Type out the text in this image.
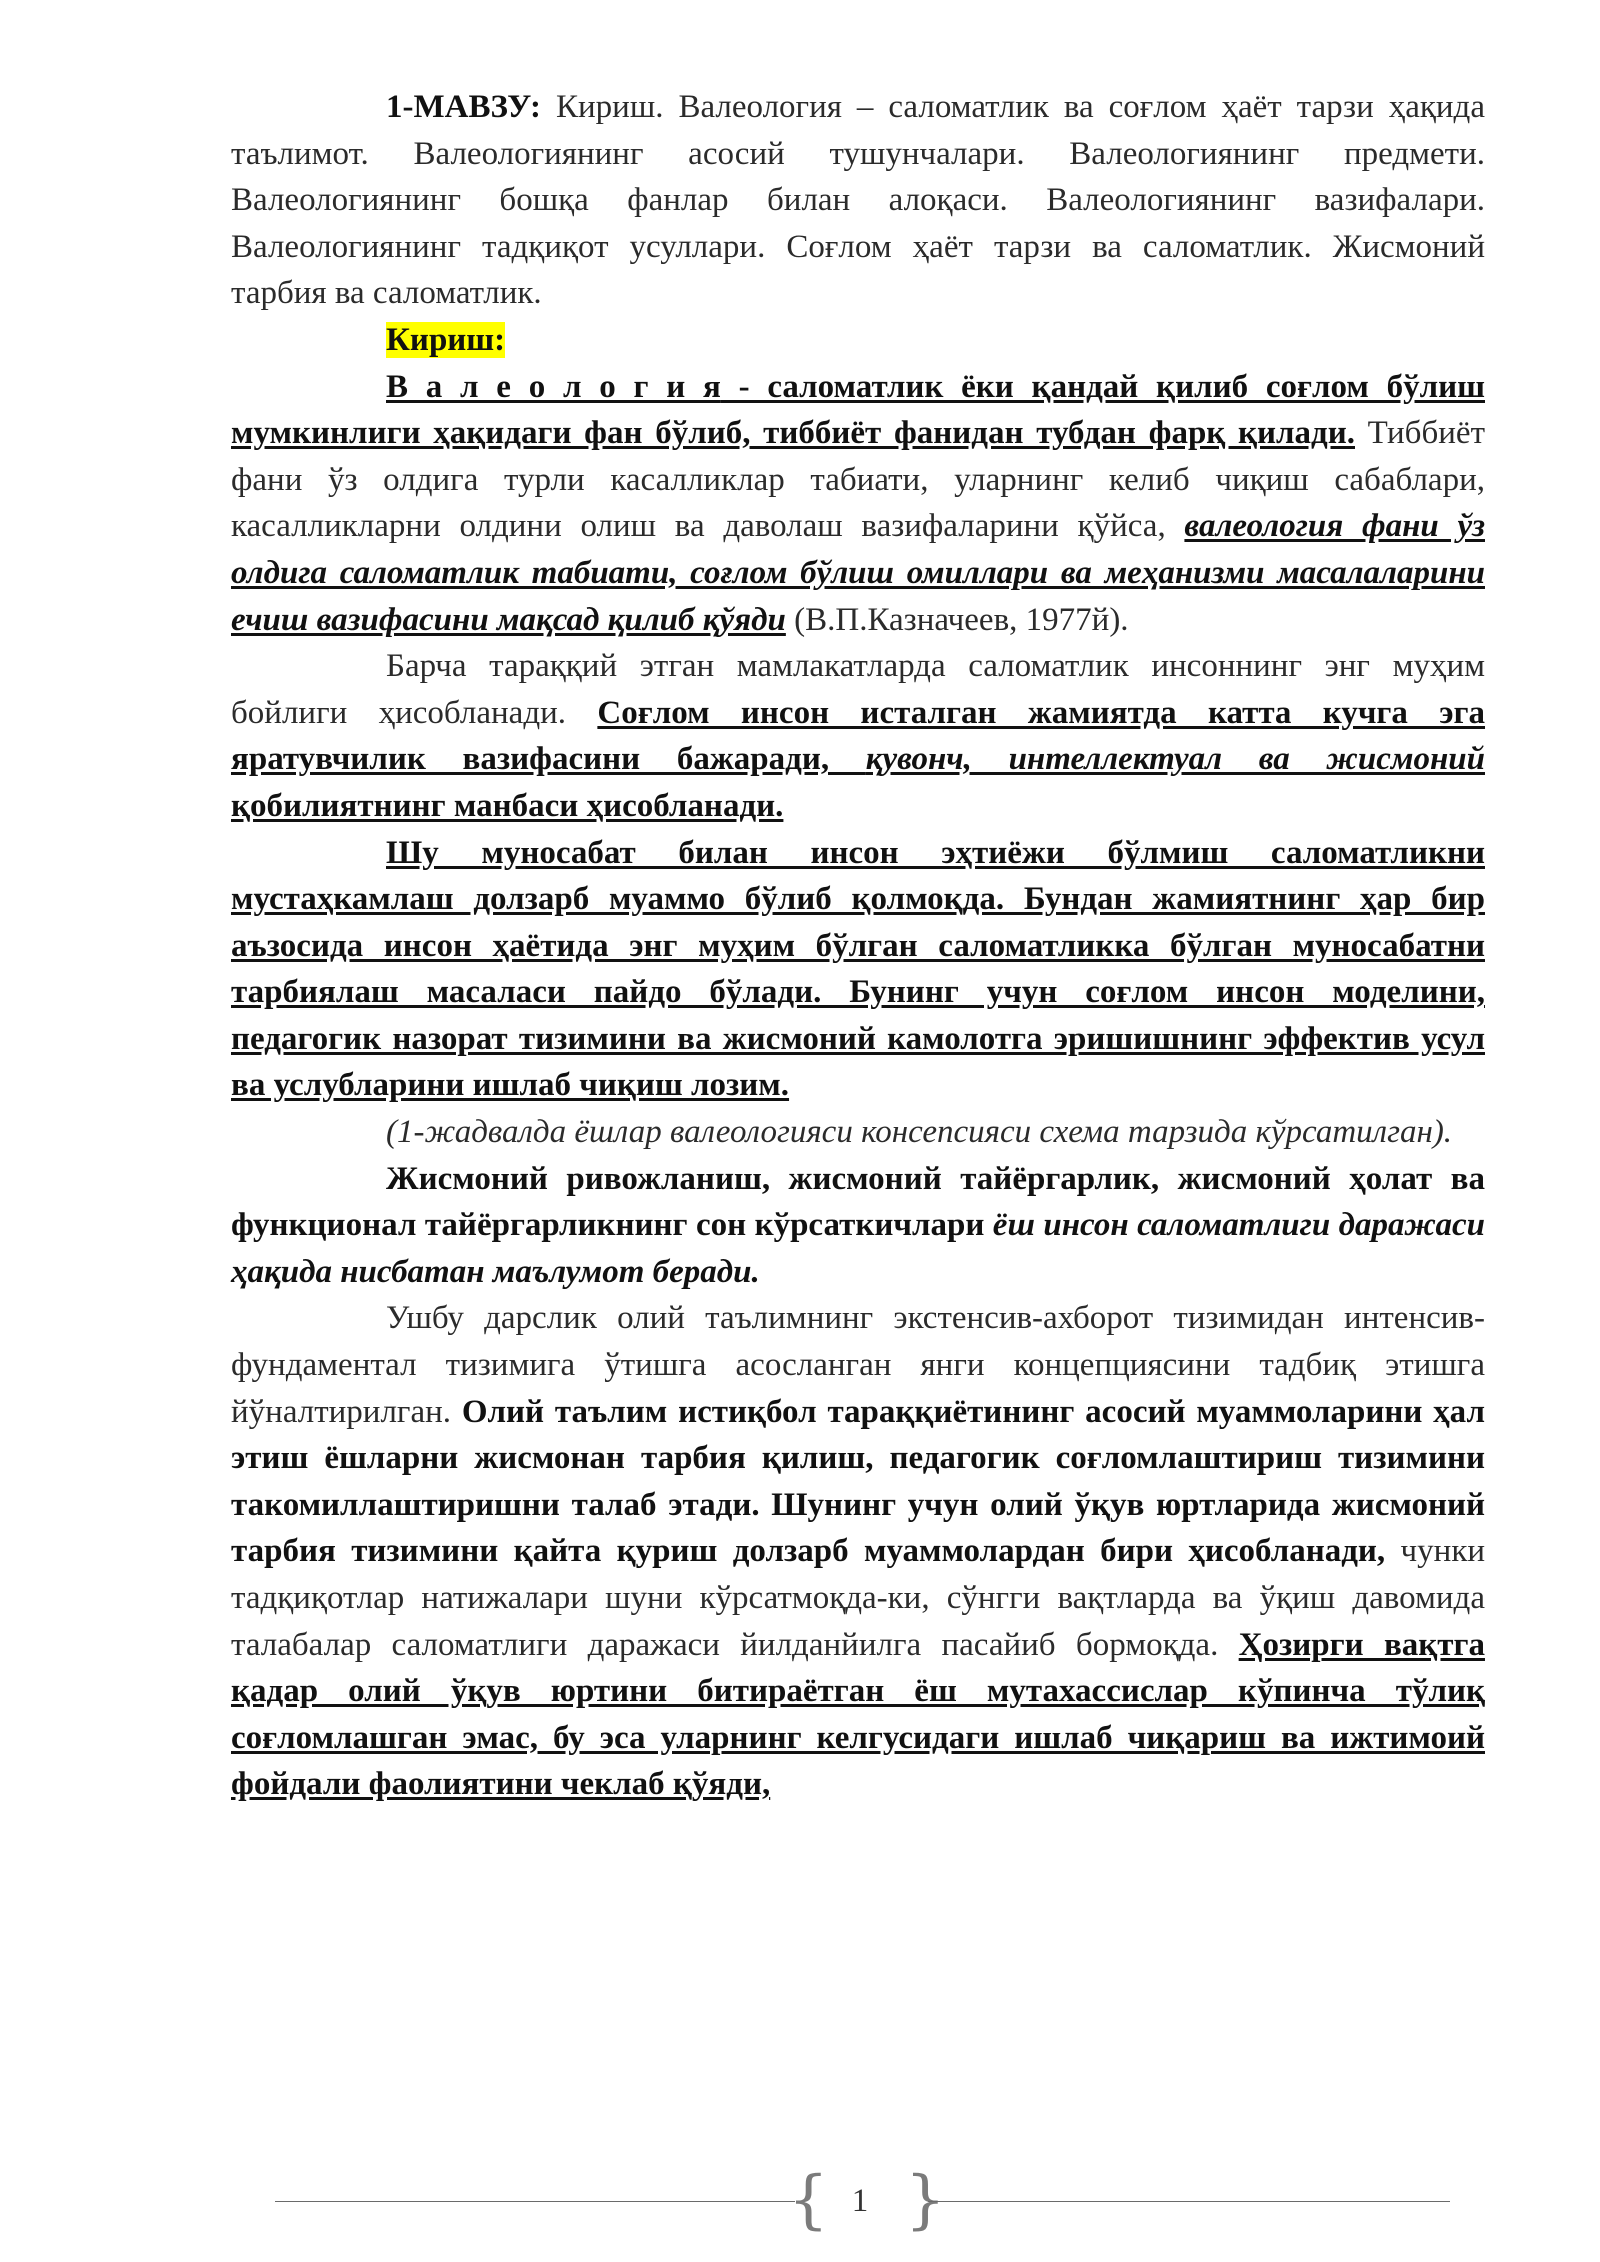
1-МАВЗУ: Кириш. Валеология – саломатлик ва соғлом ҳаёт тарзи ҳақида таълимот. Валеологиянинг асосий тушунчалари. Валеологиянинг предмети. Валеологиянинг бошқа фанлар билан алоқаси. Валеологиянинг вазифалари. Валеологиянинг тадқиқот усуллари. Соғлом ҳаёт тарзи ва саломатлик. Жисмоний тарбия ва саломатлик.

Кириш:

В а л е о л о г и я - саломатлик ёки қандай қилиб соғлом бўлиш мумкинлиги ҳақидаги фан бўлиб, тиббиёт фанидан тубдан фарқ қилади. Тиббиёт фани ўз олдига турли касалликлар табиати, уларнинг келиб чиқиш сабаблари, касалликларни олдини олиш ва даволаш вазифаларини қўйса, валеология фани ўз олдига саломатлик табиати, соғлом бўлиш омиллари ва меҳанизми масалаларини ечиш вазифасини мақсад қилиб қўяди (В.П.Казначеев, 1977й).

Барча тараққий этган мамлакатларда саломатлик инсоннинг энг муҳим бойлиги ҳисобланади. Соғлом инсон исталган жамиятда катта кучга эга яратувчилик вазифасини бажаради, қувонч, интеллектуал ва жисмоний қобилиятнинг манбаси ҳисобланади.

Шу муносабат билан инсон эҳтиёжи бўлмиш саломатликни мустаҳкамлаш долзарб муаммо бўлиб қолмоқда. Бундан жамиятнинг ҳар бир аъзосида инсон ҳаётида энг муҳим бўлган саломатликка бўлган муносабатни тарбиялаш масаласи пайдо бўлади. Бунинг учун соғлом инсон моделини, педагогик назорат тизимини ва жисмоний камолотга эришишнинг эффектив усул ва услубларини ишлаб чиқиш лозим.

(1-жадвалда ёшлар валеологияси консепсияси схема тарзида кўрсатилган).

Жисмоний ривожланиш, жисмоний тайёргарлик, жисмоний ҳолат ва функционал тайёргарликнинг сон кўрсаткичлари ёш инсон саломатлиги даражаси ҳақида нисбатан маълумот беради.

Ушбу дарслик олий таълимнинг экстенсив-ахборот тизимидан интенсив-фундаментал тизимига ўтишга асосланган янги концепциясини тадбиқ этишга йўналтирилган. Олий таълим истиқбол тараққиётининг асосий муаммоларини ҳал этиш ёшларни жисмонан тарбия қилиш, педагогик соғломлаштириш тизимини такомиллаштиришни талаб этади. Шунинг учун олий ўқув юртларида жисмоний тарбия тизимини қайта қуриш долзарб муаммолардан бири ҳисобланади, чунки тадқиқотлар натижалари шуни кўрсатмоқда-ки, сўнгги вақтларда ва ўқиш давомида талабалар саломатлиги даражаси йилданйилга пасайиб бормоқда. Ҳозирги вақтга қадар олий ўқув юртини битираётган ёш мутахассислар кўпинча тўлиқ соғломлашган эмас, бу эса уларнинг келгусидаги ишлаб чиқариш ва ижтимоий фойдали фаолиятини чеклаб қўяди,

{ 1 }
